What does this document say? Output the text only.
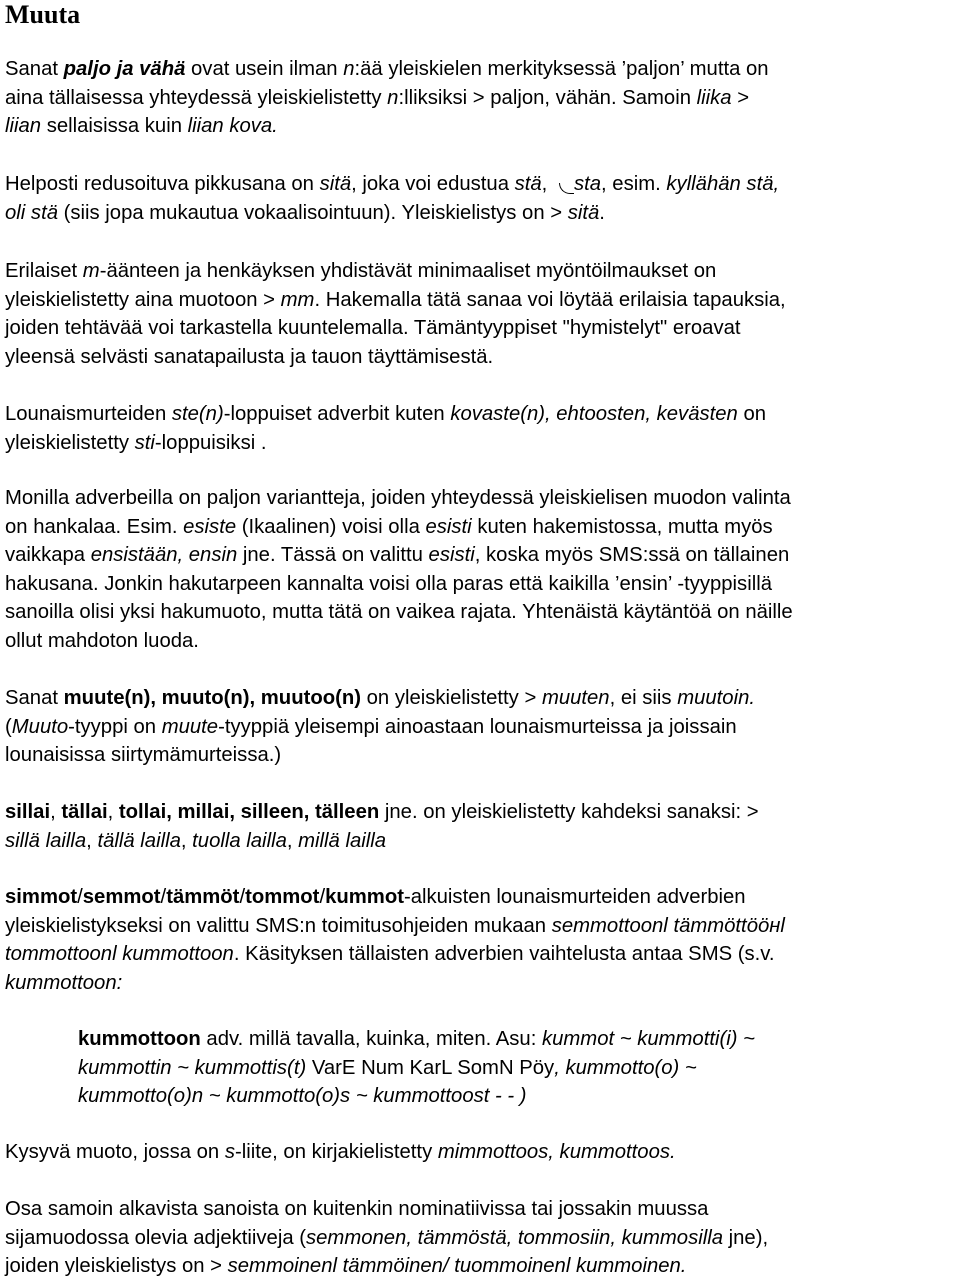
Muuta

Sanat paljo ja vähä ovat usein ilman n:ää yleiskielen merkityksessä ’paljon’ mutta on
aina tällaisessa yhteydessä yleiskielistetty n:lliksiksi > paljon, vähän. Samoin liika >
liian sellaisissa kuin liian kova.

Helposti redusoituva pikkusana on sitä, joka voi edustua stä, sta, esim. kyllähän stä,
oli stä (siis jopa mukautua vokaalisointuun). Yleiskielistys on > sitä.

Erilaiset m-äänteen ja henkäyksen yhdistävät minimaaliset myöntöilmaukset on
yleiskielistetty aina muotoon > mm. Hakemalla tätä sanaa voi löytää erilaisia tapauksia,
joiden tehtävää voi tarkastella kuuntelemalla. Tämäntyyppiset "hymistelyt" eroavat
yleensä selvästi sanatapailusta ja tauon täyttämisestä.

Lounaismurteiden ste(n)-loppuiset adverbit kuten kovaste(n), ehtoosten, kevästen on
yleiskielistetty sti-loppuisiksi .

Monilla adverbeilla on paljon variantteja, joiden yhteydessä yleiskielisen muodon valinta
on hankalaa. Esim. esiste (Ikaalinen) voisi olla esisti kuten hakemistossa, mutta myös
vaikkapa ensistään, ensin jne. Tässä on valittu esisti, koska myös SMS:ssä on tällainen
hakusana. Jonkin hakutarpeen kannalta voisi olla paras että kaikilla ’ensin’ -tyyppisillä
sanoilla olisi yksi hakumuoto, mutta tätä on vaikea rajata. Yhtenäistä käytäntöä on näille
ollut mahdoton luoda.

Sanat muute(n), muuto(n), muutoo(n) on yleiskielistetty > muuten, ei siis muutoin.
(Muuto-tyyppi on muute-tyyppiä yleisempi ainoastaan lounaismurteissa ja joissain
lounaisissa siirtymämurteissa.)

sillai, tällai, tollai, millai, silleen, tälleen jne. on yleiskielistetty kahdeksi sanaksi: >
sillä lailla, tällä lailla, tuolla lailla, millä lailla

simmot/semmot/tämmöt/tommot/kummot-alkuisten lounaismurteiden adverbien
yleiskielistykseksi on valittu SMS:n toimitusohjeiden mukaan semmottoonl tämmöttööнl
tommottoonl kummottoon. Käsityksen tällaisten adverbien vaihtelusta antaa SMS (s.v.
kummottoon:

kummottoon adv. millä tavalla, kuinka, miten. Asu: kummot ~ kummotti(i) ~
kummottin ~ kummottis(t) VarE Num KarL SomN Pöy, kummotto(o) ~
kummotto(o)n ~ kummotto(o)s ~ kummottoost - - )

Kysyvä muoto, jossa on s-liite, on kirjakielistetty mimmottoos, kummottoos.

Osa samoin alkavista sanoista on kuitenkin nominatiivissa tai jossakin muussa
sijamuodossa olevia adjektiiveja (semmonen, tämmöstä, tommosiin, kummosilla jne),
joiden yleiskielistys on > semmoinenl tämmöinen/ tuommoinenl kummoinen.
